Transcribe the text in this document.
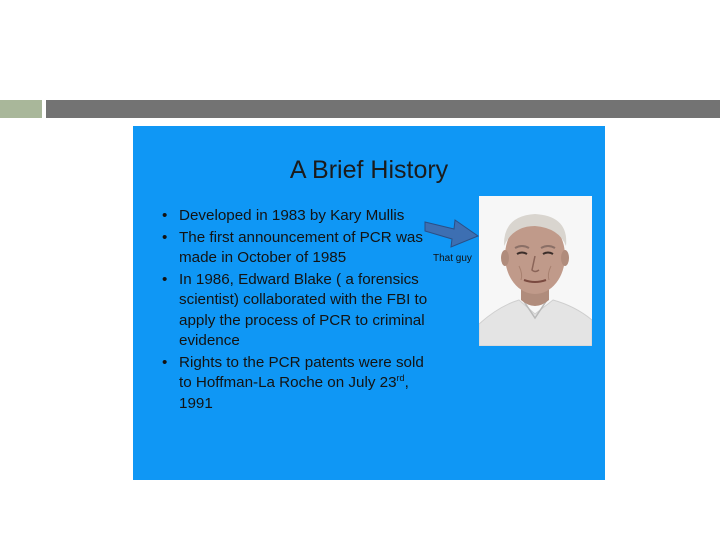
A Brief History
• Developed in 1983 by Kary Mullis
• The first announcement of PCR was made in October of 1985
• In 1986, Edward Blake ( a forensics scientist) collaborated with the FBI to apply the process of PCR to criminal evidence
• Rights to the PCR patents were sold to Hoffman-La Roche on July 23rd, 1991
That guy
